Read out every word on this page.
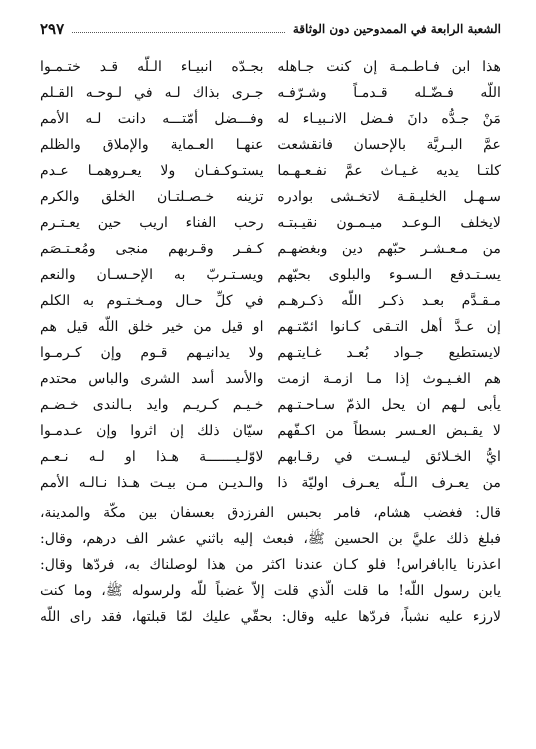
الشعبة الرابعة في الممدوحين دون الوثاقة
٢٩٧
هذا ابن فـاطـمـة إن كنت جـاهله
بجـدّه انبيـاء الـلّه قـد ختـمـوا
اللّه فـضّـله قـدمـاً وشـرّفـه
جـرى بذاك لـه في لـوحـه القـلم
مَنْ جـدُّه دانَ فـضل الانـبيـاء له
وفـــضل أمّتـــه دانت لـه الأمم
عمَّ البـريَّة بالإحسان فانقشعت
عنهـا العـماية والإملاق والظلم
كلتـا يديه غـيـاث عمَّ نفـعـهـما
يستـوكـفـان ولا يعـروهمـا عـدم
سـهـل الخليـقـة لاتخـشى بوادره
تزينه خـصـلتـان الخلق والكرم
لايخلف الـوعـد ميـمـون نقيـبتـه
رحب الفناء اريب حين يعـتـرم
من مـعـشـر حبّهم دين وبغضهـم
كـفـر وقـربهم منجى ومُعـتـصَم
يسـتـدفع الـسـوء والبلوى بحبّهم
ويسـتـربّ به الإحـسـان والنعم
مـقـدَّم بعـد ذكـر اللّه ذكـرهـم
في كلِّ حـال ومـخـتـوم به الكلم
إن عـدَّ أهل التـقى كـانوا ائمّتـهم
او قيل من خير خلق اللّه قيل هم
لايستطيع جـواد بُعـد غـايتـهم
ولا يدانيـهم قـوم وإن كـرمـوا
هم الغـيـوث إذا مـا ازمـة ازمت
والأسد أسد الشرى والباس محتدم
يأبى لـهم ان يحل الذمّ سـاحـتـهم
خـيـم كـريـم وايد بـالندى خـضـم
لا يقـبض العـسر بسطاً من اكـفّهم
سيّان ذلك إن اثروا وإن عـدمـوا
ايُّ الخـلائق ليـسـت في رقـابهم
لاوّلـيـــــــة هـذا او لـه نـعـم
من يعـرف الـلّه يعـرف اوليّة ذا
والـديـن مـن بيـت هـذا نـالـه الأمم

قال: فغضب هشام، فامر بحبس الفرزدق بعسفان بين مكّة والمدينة،

فبلغ ذلك عليَّ بن الحسين ﷺ، فبعث إليه باثني عشر الف درهم، وقال:

اعذرنا ياابافراس! فلو كـان عندنا اكثر من هذا لوصلناك به، فردّها وقال:

يابن رسول اللّه! ما قلت الّذي قلت إلاّ غضباً للّه ولرسوله ﷺ، وما كنت

لارزء عليه نشباً، فردّها عليه وقال: بحقّي عليك لمّا قبلتها، فقد راى اللّه
